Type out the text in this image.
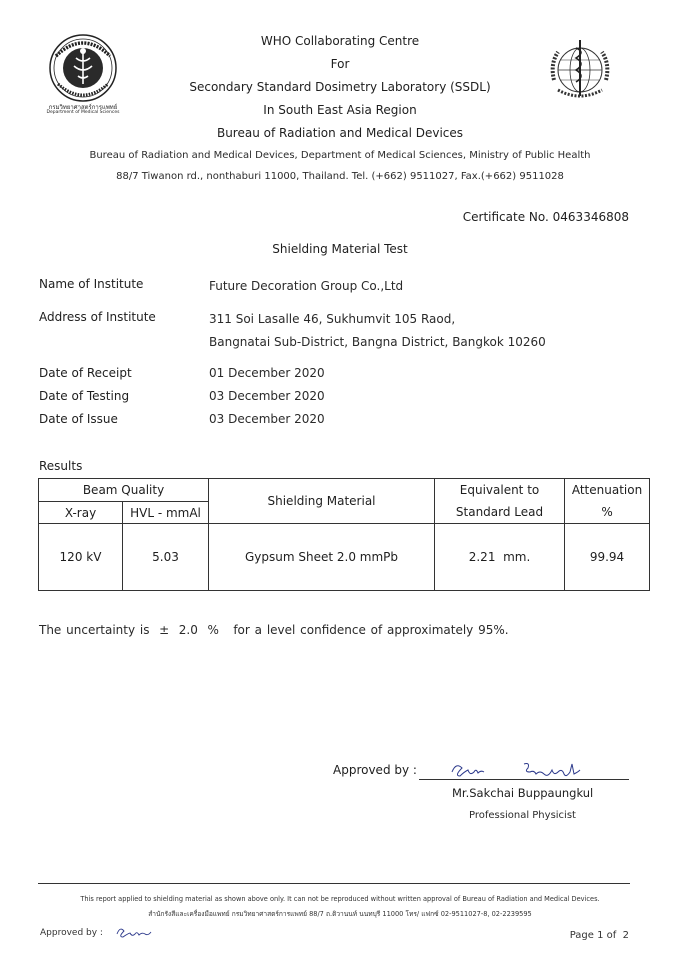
กรมวิทยาศาสตร์การแพทย์
Department of Medical Sciences
WHO Collaborating Centre
For
Secondary Standard Dosimetry Laboratory (SSDL)
In South East Asia Region
Bureau of Radiation and Medical Devices
Bureau of Radiation and Medical Devices, Department of Medical Sciences, Ministry of Public Health
88/7 Tiwanon rd., nonthaburi 11000, Thailand. Tel. (+662) 9511027, Fax.(+662) 9511028
Certificate No. 0463346808
Shielding Material Test
Name of Institute	Future Decoration Group Co.,Ltd
Address of Institute	311 Soi Lasalle 46, Sukhumvit 105 Raod,
Bangnatai Sub-District, Bangna District, Bangkok 10260
Date of Receipt	01 December 2020
Date of Testing	03 December 2020
Date of Issue	03 December 2020
Results
Beam Quality		Shielding Material	Equivalent to	Attenuation
X-ray	HVL - mmAl		Standard Lead	%
120 kV	5.03	Gypsum Sheet 2.0 mmPb	2.21  mm.	99.94
The uncertainty is  ±  2.0  %   for a level confidence of approximately 95%.
Approved by :
Mr.Sakchai Buppaungkul
Professional Physicist
This report applied to shielding material as shown above only. It can not be reproduced without written approval of Bureau of Radiation and Medical Devices.
สำนักรังสีและเครื่องมือแพทย์ กรมวิทยาศาสตร์การแพทย์ 88/7 ถ.ติวานนท์ นนทบุรี 11000 โทร/ แฟกซ์ 02-9511027-8, 02-2239595
Approved by :	Page 1 of  2
